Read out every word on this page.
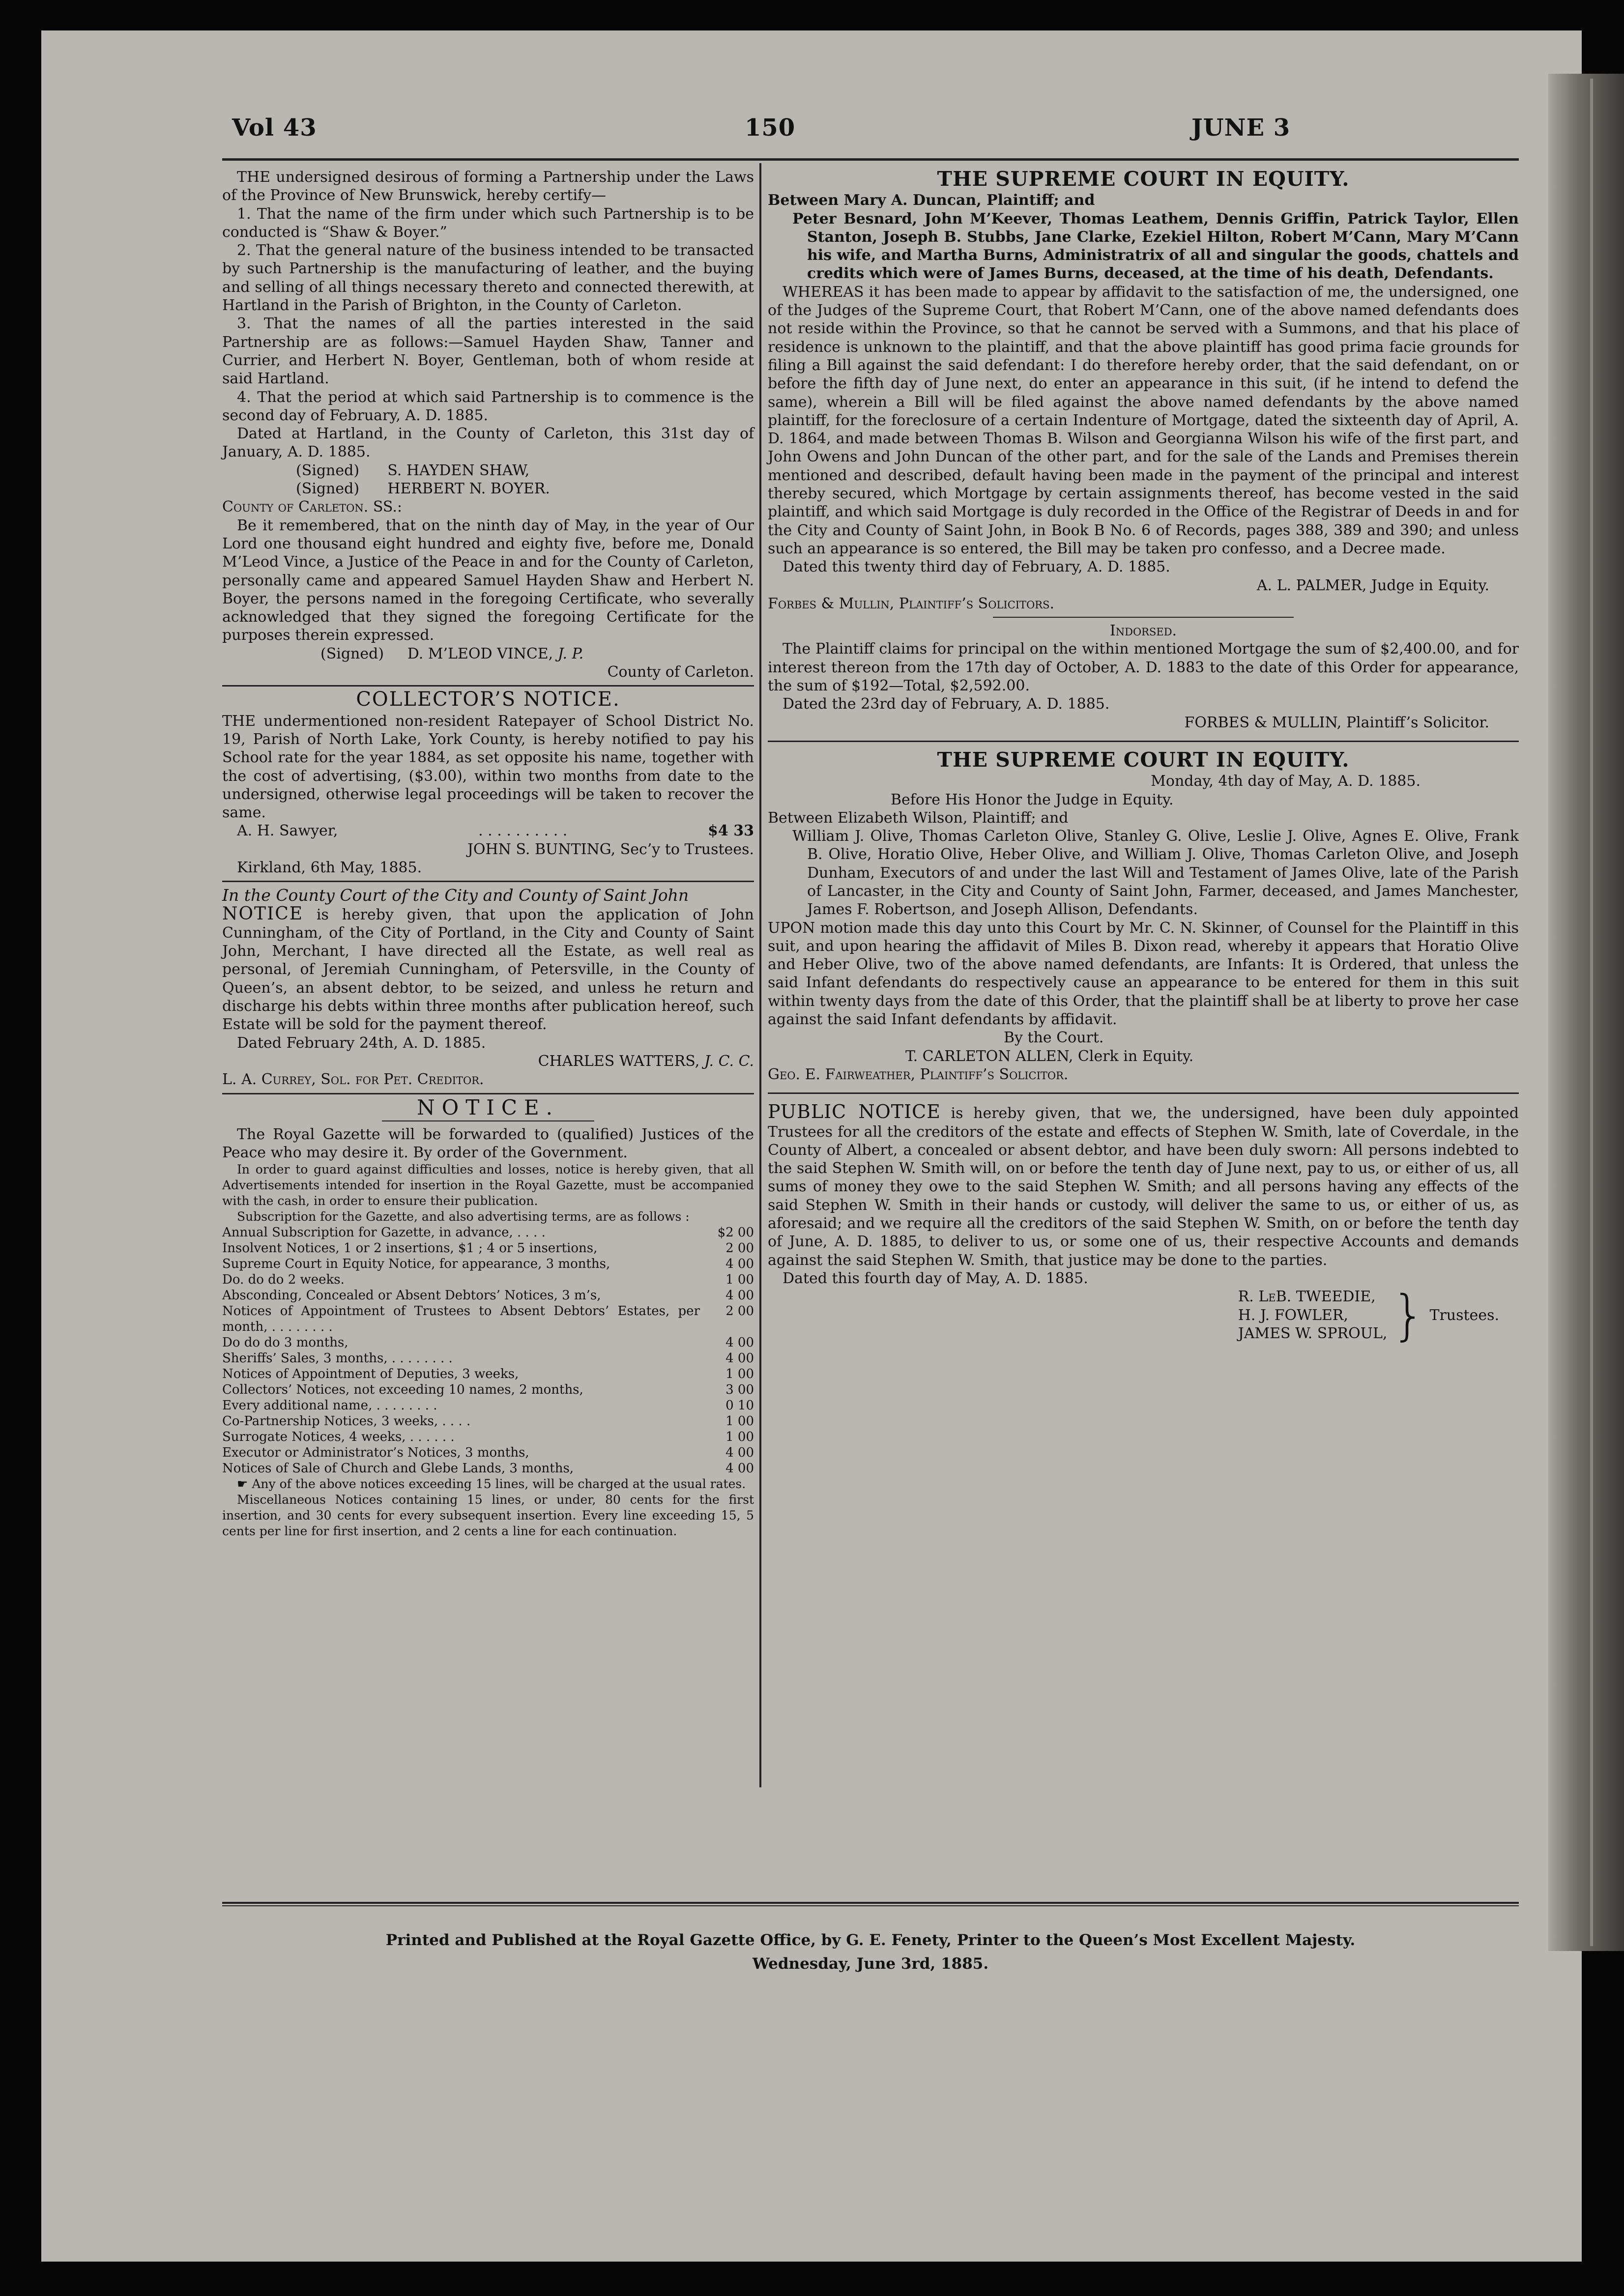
Vol 43	150	JUNE 3

THE undersigned desirous of forming a Partnership under the Laws of the Province of New Brunswick, hereby certify—

1. That the name of the firm under which such Partnership is to be conducted is “Shaw & Boyer.”

2. That the general nature of the business intended to be transacted by such Partnership is the manufacturing of leather, and the buying and selling of all things necessary thereto and connected therewith, at Hartland in the Parish of Brighton, in the County of Carleton.

3. That the names of all the parties interested in the said Partnership are as follows:—Samuel Hayden Shaw, Tanner and Currier, and Herbert N. Boyer, Gentleman, both of whom reside at said Hartland.

4. That the period at which said Partnership is to commence is the second day of February, A. D. 1885.

Dated at Hartland, in the County of Carleton, this 31st day of January, A. D. 1885.

(Signed) S. HAYDEN SHAW,

(Signed) HERBERT N. BOYER.

County of Carleton. SS.:

Be it remembered, that on the ninth day of May, in the year of Our Lord one thousand eight hundred and eighty five, before me, Donald M’Leod Vince, a Justice of the Peace in and for the County of Carleton, personally came and appeared Samuel Hayden Shaw and Herbert N. Boyer, the persons named in the foregoing Certificate, who severally acknowledged that they signed the foregoing Certificate for the purposes therein expressed.

(Signed) D. M’LEOD VINCE, J. P.

County of Carleton.

COLLECTOR’S NOTICE.

THE undermentioned non-resident Ratepayer of School District No. 19, Parish of North Lake, York County, is hereby notified to pay his School rate for the year 1884, as set opposite his name, together with the cost of advertising, ($3.00), within two months from date to the undersigned, otherwise legal proceedings will be taken to recover the same.

A. H. Sawyer,	. . . . . . . . . .	$4 33

JOHN S. BUNTING, Sec’y to Trustees.

Kirkland, 6th May, 1885.

In the County Court of the City and County of Saint John

NOTICE is hereby given, that upon the application of John Cunningham, of the City of Portland, in the City and County of Saint John, Merchant, I have directed all the Estate, as well real as personal, of Jeremiah Cunningham, of Petersville, in the County of Queen’s, an absent debtor, to be seized, and unless he return and discharge his debts within three months after publication hereof, such Estate will be sold for the payment thereof.

Dated February 24th, A. D. 1885.

CHARLES WATTERS, J. C. C.

L. A. Currey, Sol. for Pet. Creditor.

NOTICE.

The Royal Gazette will be forwarded to (qualified) Justices of the Peace who may desire it. By order of the Government.

In order to guard against difficulties and losses, notice is hereby given, that all Advertisements intended for insertion in the Royal Gazette, must be accompanied with the cash, in order to ensure their publication.

Subscription for the Gazette, and also advertising terms, are as follows :

Annual Subscription for Gazette, in advance, . . . .	$2 00
Insolvent Notices, 1 or 2 insertions, $1 ; 4 or 5 insertions,	2 00
Supreme Court in Equity Notice, for appearance, 3 months,	4 00
Do. do do 2 weeks.	1 00
Absconding, Concealed or Absent Debtors’ Notices, 3 m’s,	4 00
Notices of Appointment of Trustees to Absent Debtors’ Estates, per month, . . . . . . . .	2 00
Do do do 3 months,	4 00
Sheriffs’ Sales, 3 months, . . . . . . . .	4 00
Notices of Appointment of Deputies, 3 weeks,	1 00
Collectors’ Notices, not exceeding 10 names, 2 months,	3 00
Every additional name, . . . . . . . .	0 10
Co-Partnership Notices, 3 weeks, . . . .	1 00
Surrogate Notices, 4 weeks, . . . . . .	1 00
Executor or Administrator’s Notices, 3 months,	4 00
Notices of Sale of Church and Glebe Lands, 3 months,	4 00

☛ Any of the above notices exceeding 15 lines, will be charged at the usual rates.

Miscellaneous Notices containing 15 lines, or under, 80 cents for the first insertion, and 30 cents for every subsequent insertion. Every line exceeding 15, 5 cents per line for first insertion, and 2 cents a line for each continuation.

THE SUPREME COURT IN EQUITY.

Between Mary A. Duncan, Plaintiff; and

Peter Besnard, John M’Keever, Thomas Leathem, Dennis Griffin, Patrick Taylor, Ellen Stanton, Joseph B. Stubbs, Jane Clarke, Ezekiel Hilton, Robert M’Cann, Mary M’Cann his wife, and Martha Burns, Administratrix of all and singular the goods, chattels and credits which were of James Burns, deceased, at the time of his death, Defendants.

WHEREAS it has been made to appear by affidavit to the satisfaction of me, the undersigned, one of the Judges of the Supreme Court, that Robert M’Cann, one of the above named defendants does not reside within the Province, so that he cannot be served with a Summons, and that his place of residence is unknown to the plaintiff, and that the above plaintiff has good prima facie grounds for filing a Bill against the said defendant: I do therefore hereby order, that the said defendant, on or before the fifth day of June next, do enter an appearance in this suit, (if he intend to defend the same), wherein a Bill will be filed against the above named defendants by the above named plaintiff, for the foreclosure of a certain Indenture of Mortgage, dated the sixteenth day of April, A. D. 1864, and made between Thomas B. Wilson and Georgianna Wilson his wife of the first part, and John Owens and John Duncan of the other part, and for the sale of the Lands and Premises therein mentioned and described, default having been made in the payment of the principal and interest thereby secured, which Mortgage by certain assignments thereof, has become vested in the said plaintiff, and which said Mortgage is duly recorded in the Office of the Registrar of Deeds in and for the City and County of Saint John, in Book B No. 6 of Records, pages 388, 389 and 390; and unless such an appearance is so entered, the Bill may be taken pro confesso, and a Decree made.

Dated this twenty third day of February, A. D. 1885.

A. L. PALMER, Judge in Equity.

Forbes & Mullin, Plaintiff’s Solicitors.

Indorsed.

The Plaintiff claims for principal on the within mentioned Mortgage the sum of $2,400.00, and for interest thereon from the 17th day of October, A. D. 1883 to the date of this Order for appearance, the sum of $192—Total, $2,592.00.

Dated the 23rd day of February, A. D. 1885.

FORBES & MULLIN, Plaintiff’s Solicitor.

THE SUPREME COURT IN EQUITY.

Monday, 4th day of May, A. D. 1885.

Before His Honor the Judge in Equity.

Between Elizabeth Wilson, Plaintiff; and

William J. Olive, Thomas Carleton Olive, Stanley G. Olive, Leslie J. Olive, Agnes E. Olive, Frank B. Olive, Horatio Olive, Heber Olive, and William J. Olive, Thomas Carleton Olive, and Joseph Dunham, Executors of and under the last Will and Testament of James Olive, late of the Parish of Lancaster, in the City and County of Saint John, Farmer, deceased, and James Manchester, James F. Robertson, and Joseph Allison, Defendants.

UPON motion made this day unto this Court by Mr. C. N. Skinner, of Counsel for the Plaintiff in this suit, and upon hearing the affidavit of Miles B. Dixon read, whereby it appears that Horatio Olive and Heber Olive, two of the above named defendants, are Infants: It is Ordered, that unless the said Infant defendants do respectively cause an appearance to be entered for them in this suit within twenty days from the date of this Order, that the plaintiff shall be at liberty to prove her case against the said Infant defendants by affidavit.

By the Court.

T. CARLETON ALLEN, Clerk in Equity.

Geo. E. Fairweather, Plaintiff’s Solicitor.

PUBLIC NOTICE is hereby given, that we, the undersigned, have been duly appointed Trustees for all the creditors of the estate and effects of Stephen W. Smith, late of Coverdale, in the County of Albert, a concealed or absent debtor, and have been duly sworn: All persons indebted to the said Stephen W. Smith will, on or before the tenth day of June next, pay to us, or either of us, all sums of money they owe to the said Stephen W. Smith; and all persons having any effects of the said Stephen W. Smith in their hands or custody, will deliver the same to us, or either of us, as aforesaid; and we require all the creditors of the said Stephen W. Smith, on or before the tenth day of June, A. D. 1885, to deliver to us, or some one of us, their respective Accounts and demands against the said Stephen W. Smith, that justice may be done to the parties.

Dated this fourth day of May, A. D. 1885.

R. LeB. TWEEDIE,
H. J. FOWLER,
JAMES W. SPROUL, } Trustees.
Printed and Published at the Royal Gazette Office, by G. E. Fenety, Printer to the Queen’s Most Excellent Majesty.
Wednesday, June 3rd, 1885.
